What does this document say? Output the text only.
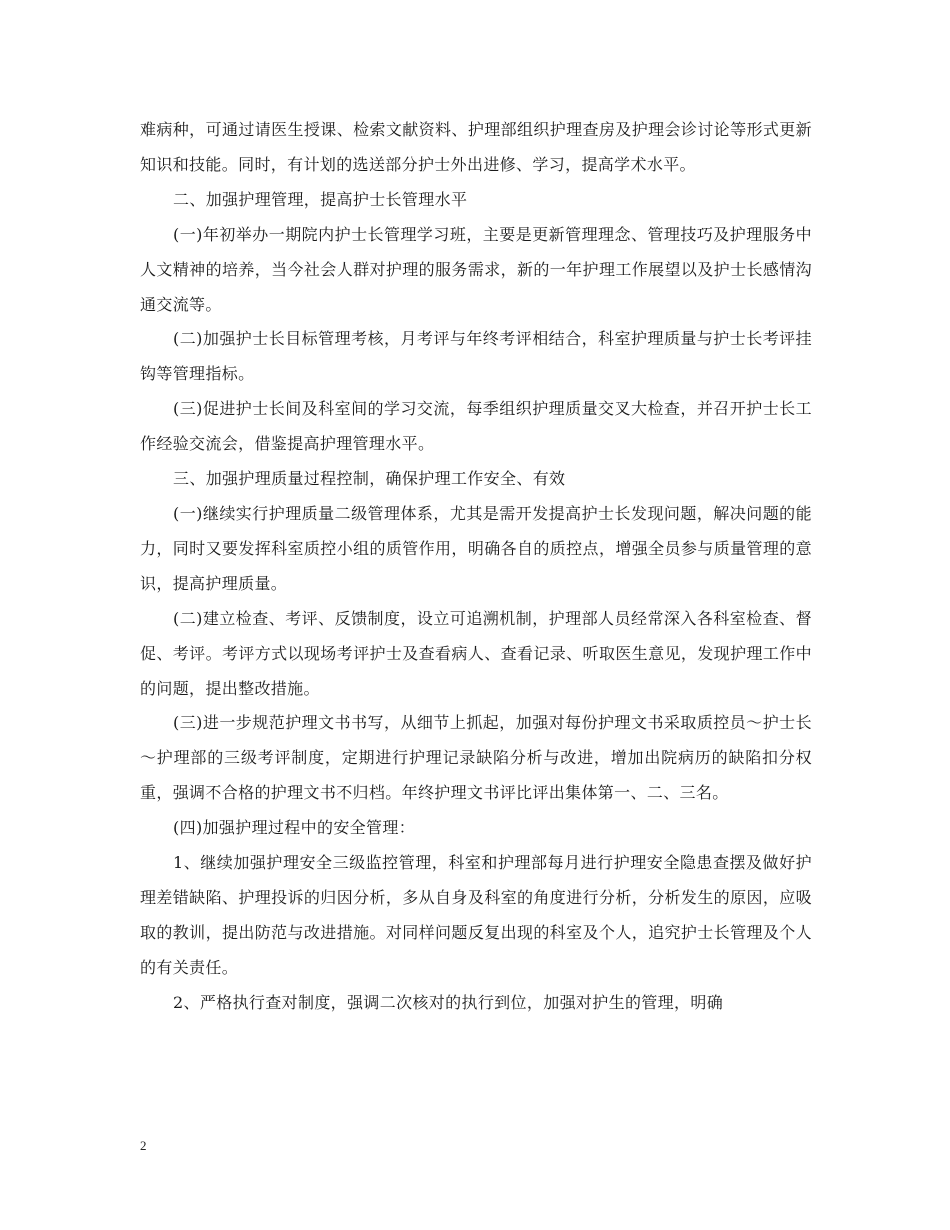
难病种，可通过请医生授课、检索文献资料、护理部组织护理查房及护理会诊讨论等形式更新知识和技能。同时，有计划的选送部分护士外出进修、学习，提高学术水平。

二、加强护理管理，提高护士长管理水平

(一)年初举办一期院内护士长管理学习班，主要是更新管理理念、管理技巧及护理服务中人文精神的培养，当今社会人群对护理的服务需求，新的一年护理工作展望以及护士长感情沟通交流等。

(二)加强护士长目标管理考核，月考评与年终考评相结合，科室护理质量与护士长考评挂钩等管理指标。

(三)促进护士长间及科室间的学习交流，每季组织护理质量交叉大检查，并召开护士长工作经验交流会，借鉴提高护理管理水平。

三、加强护理质量过程控制，确保护理工作安全、有效

(一)继续实行护理质量二级管理体系，尤其是需开发提高护士长发现问题，解决问题的能力，同时又要发挥科室质控小组的质管作用，明确各自的质控点，增强全员参与质量管理的意识，提高护理质量。

(二)建立检查、考评、反馈制度，设立可追溯机制，护理部人员经常深入各科室检查、督促、考评。考评方式以现场考评护士及查看病人、查看记录、听取医生意见，发现护理工作中的问题，提出整改措施。

(三)进一步规范护理文书书写，从细节上抓起，加强对每份护理文书采取质控员～护士长～护理部的三级考评制度，定期进行护理记录缺陷分析与改进，增加出院病历的缺陷扣分权重，强调不合格的护理文书不归档。年终护理文书评比评出集体第一、二、三名。

(四)加强护理过程中的安全管理：

1、继续加强护理安全三级监控管理，科室和护理部每月进行护理安全隐患查摆及做好护理差错缺陷、护理投诉的归因分析，多从自身及科室的角度进行分析，分析发生的原因，应吸取的教训，提出防范与改进措施。对同样问题反复出现的科室及个人，追究护士长管理及个人的有关责任。

2、严格执行查对制度，强调二次核对的执行到位，加强对护生的管理，明确

2
